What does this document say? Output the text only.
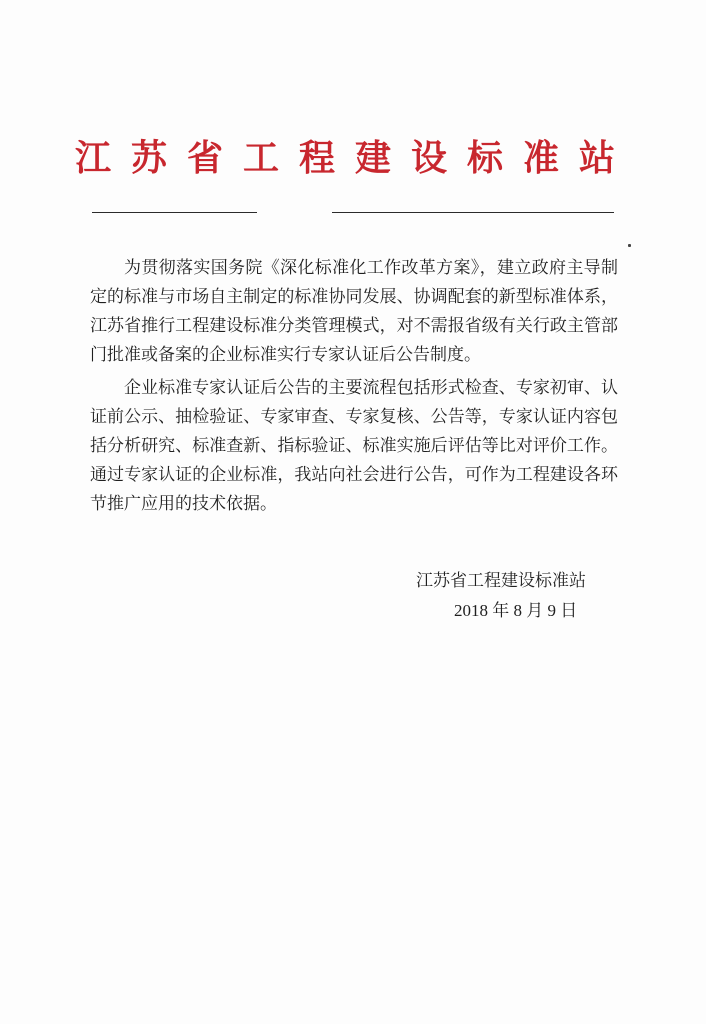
江苏省工程建设标准站

为贯彻落实国务院《深化标准化工作改革方案》，建立政府主导制定的标准与市场自主制定的标准协同发展、协调配套的新型标准体系，江苏省推行工程建设标准分类管理模式，对不需报省级有关行政主管部门批准或备案的企业标准实行专家认证后公告制度。

企业标准专家认证后公告的主要流程包括形式检查、专家初审、认证前公示、抽检验证、专家审查、专家复核、公告等，专家认证内容包括分析研究、标准查新、指标验证、标准实施后评估等比对评价工作。通过专家认证的企业标准，我站向社会进行公告，可作为工程建设各环节推广应用的技术依据。

江苏省工程建设标准站
2018 年 8 月 9 日
